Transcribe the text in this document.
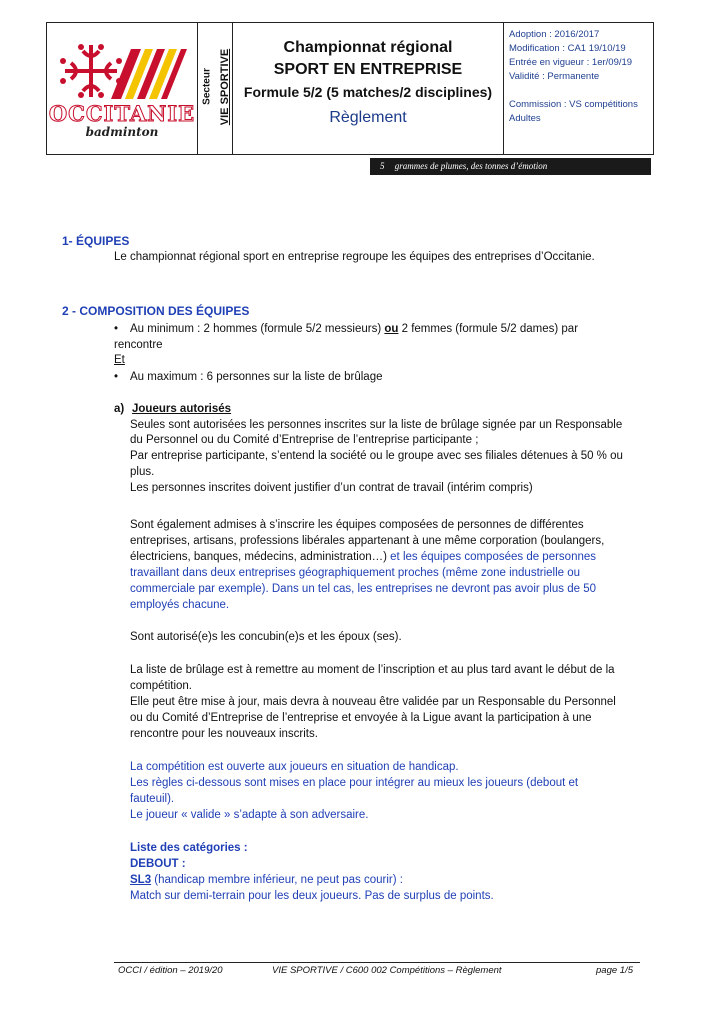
OCCITANIE
badminton
Secteur VIE SPORTIVE
Championnat régional
SPORT EN ENTREPRISE
Formule 5/2 (5 matches/2 disciplines)
Règlement
Adoption : 2016/2017
Modification : CA1 19/10/19
Entrée en vigueur : 1er/09/19
Validité : Permanente
Commission : VS compétitions
Adultes
5 grammes de plumes, des tonnes d’émotion
1- ÉQUIPES
Le championnat régional sport en entreprise regroupe les équipes des entreprises d’Occitanie.
2 - COMPOSITION DES ÉQUIPES
• Au minimum : 2 hommes (formule 5/2 messieurs) ou 2 femmes (formule 5/2 dames) par
rencontre
Et
• Au maximum : 6 personnes sur la liste de brûlage
a) Joueurs autorisés
Seules sont autorisées les personnes inscrites sur la liste de brûlage signée par un Responsable
du Personnel ou du Comité d’Entreprise de l’entreprise participante ;
Par entreprise participante, s’entend la société ou le groupe avec ses filiales détenues à 50 % ou
plus.
Les personnes inscrites doivent justifier d’un contrat de travail (intérim compris)
Sont également admises à s’inscrire les équipes composées de personnes de différentes
entreprises, artisans, professions libérales appartenant à une même corporation (boulangers,
électriciens, banques, médecins, administration…) et les équipes composées de personnes
travaillant dans deux entreprises géographiquement proches (même zone industrielle ou
commerciale par exemple). Dans un tel cas, les entreprises ne devront pas avoir plus de 50
employés chacune.
Sont autorisé(e)s les concubin(e)s et les époux (ses).
La liste de brûlage est à remettre au moment de l’inscription et au plus tard avant le début de la
compétition.
Elle peut être mise à jour, mais devra à nouveau être validée par un Responsable du Personnel
ou du Comité d’Entreprise de l’entreprise et envoyée à la Ligue avant la participation à une
rencontre pour les nouveaux inscrits.
La compétition est ouverte aux joueurs en situation de handicap.
Les règles ci-dessous sont mises en place pour intégrer au mieux les joueurs (debout et
fauteuil).
Le joueur « valide » s’adapte à son adversaire.
Liste des catégories :
DEBOUT :
SL3 (handicap membre inférieur, ne peut pas courir) :
Match sur demi-terrain pour les deux joueurs. Pas de surplus de points.
OCCI / édition – 2019/20	VIE SPORTIVE / C600 002 Compétitions – Règlement	page 1/5
